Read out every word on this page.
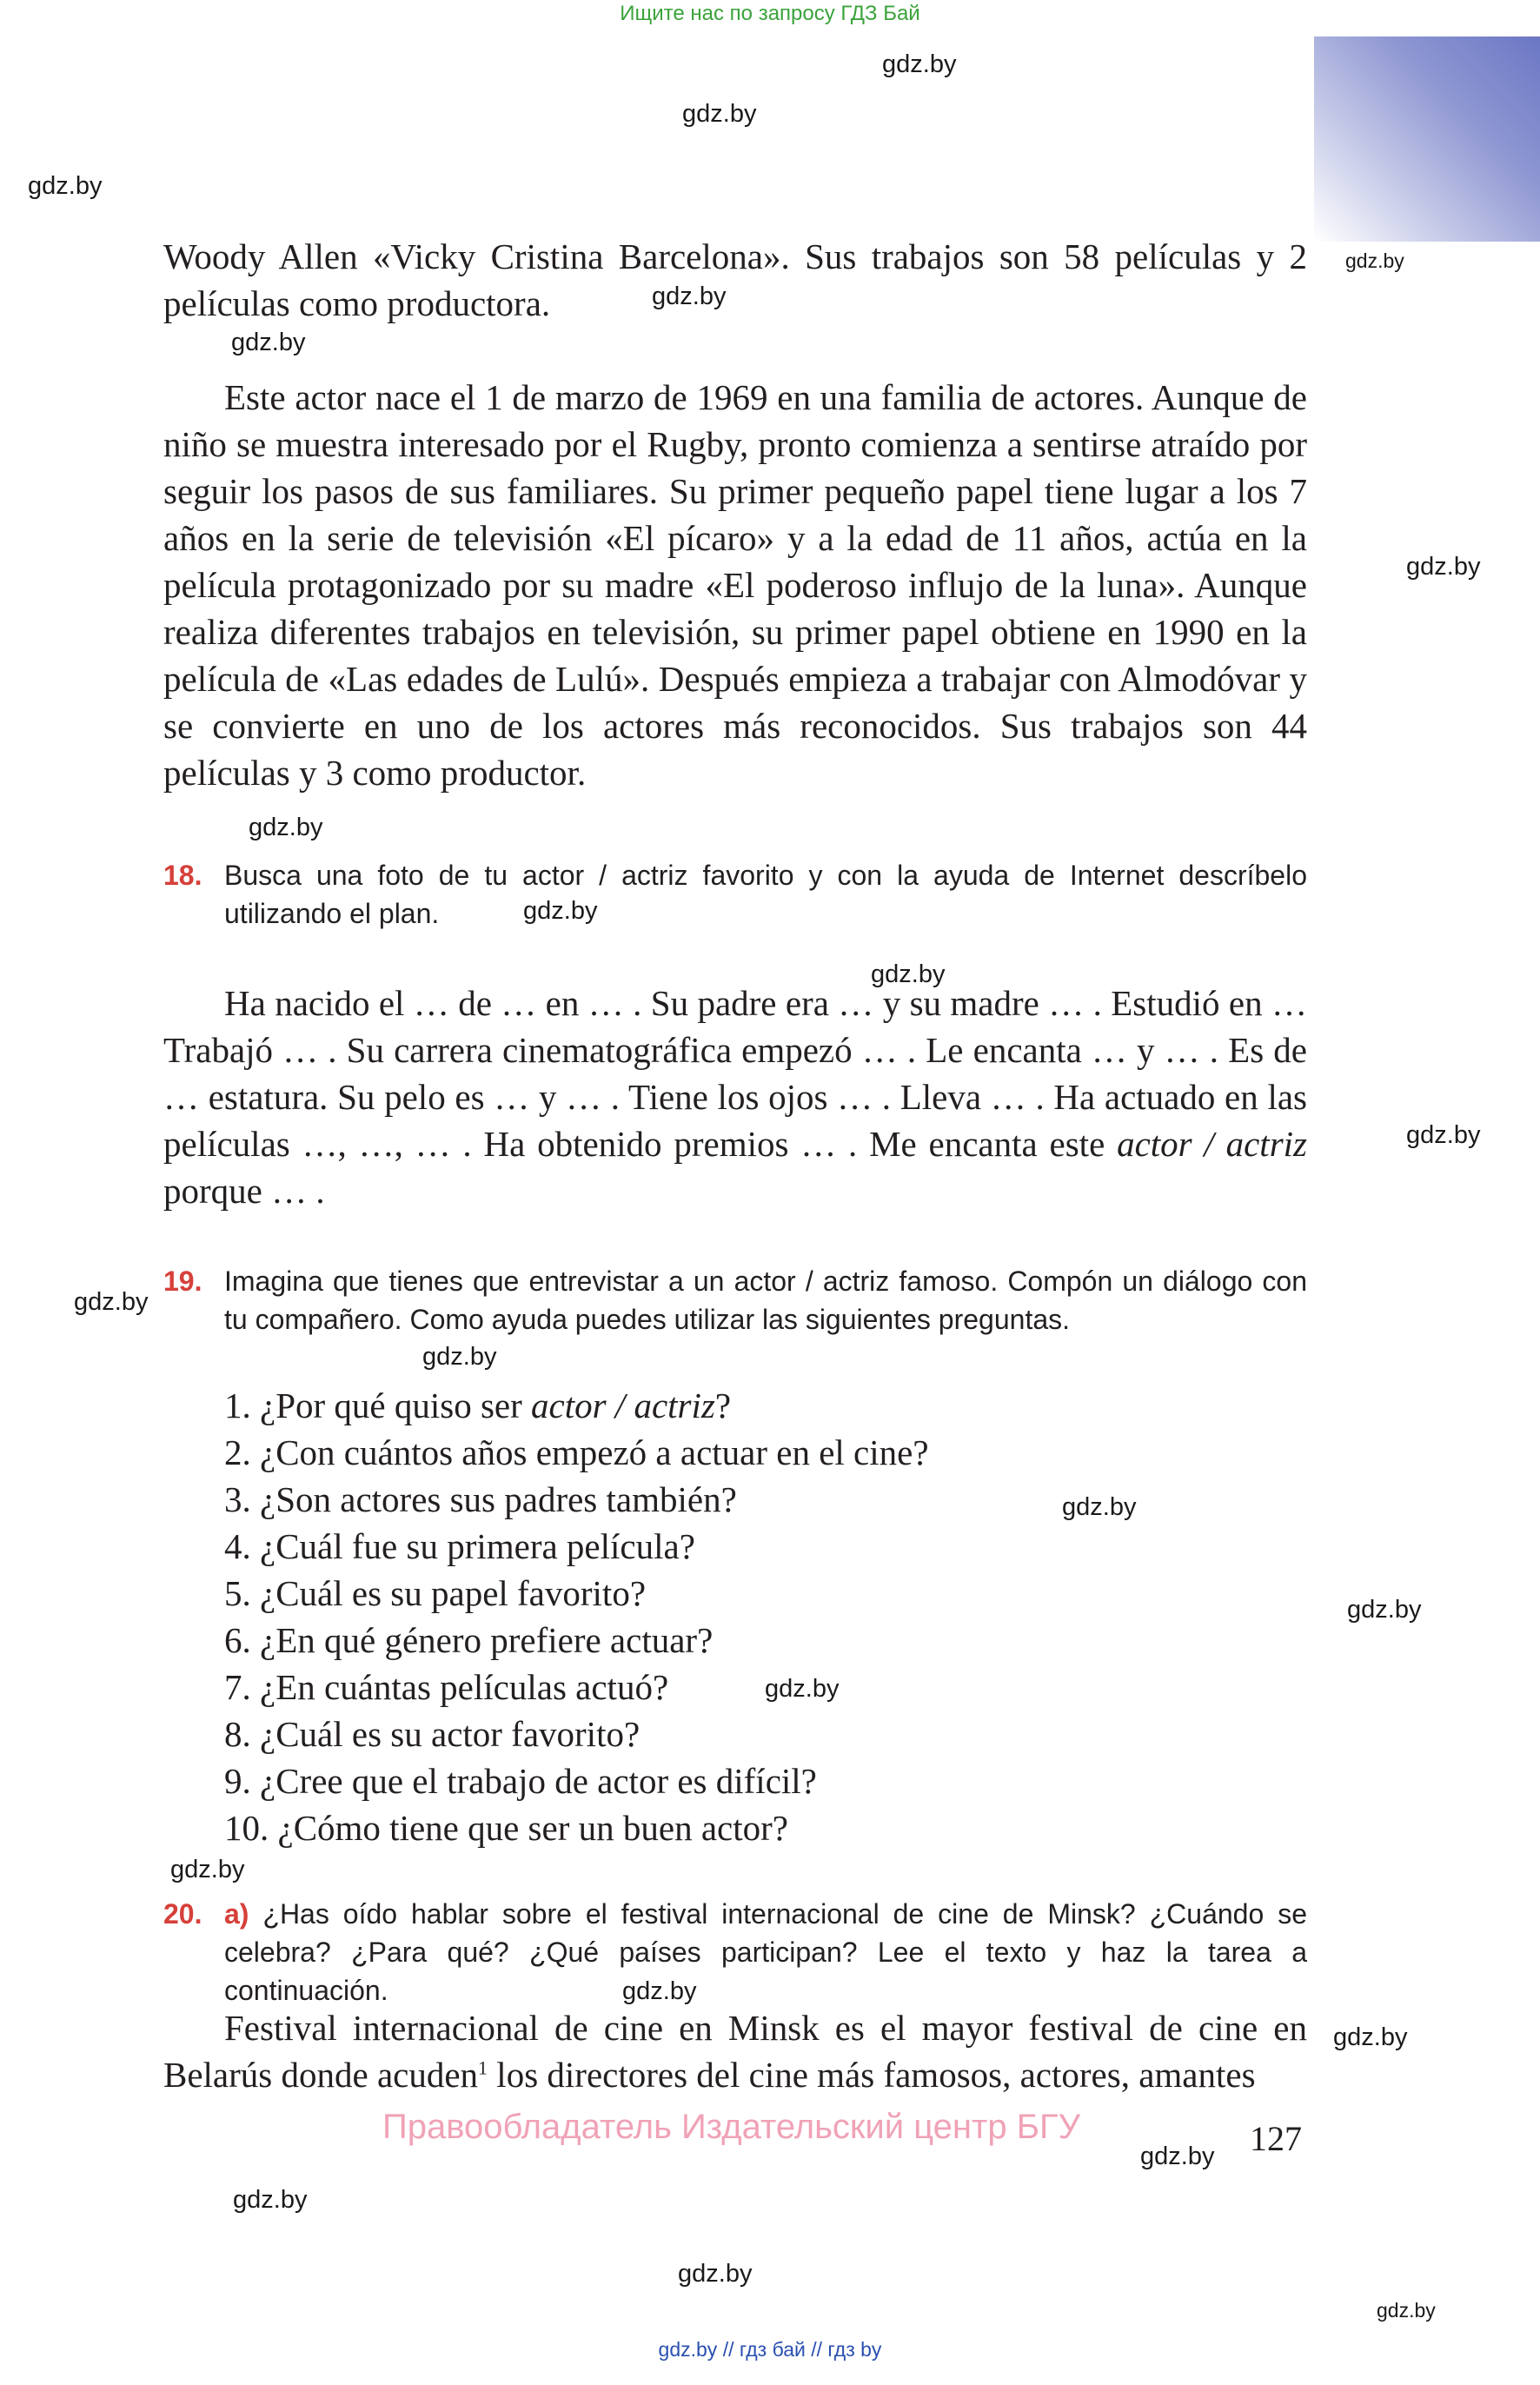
Ищите нас по запросу ГДЗ Бай
gdz.by
gdz.by
gdz.by
gdz.by
gdz.by
gdz.by
gdz.by
gdz.by
gdz.by
gdz.by
gdz.by
gdz.by
gdz.by
gdz.by
gdz.by
gdz.by
gdz.by
gdz.by
gdz.by
gdz.by
gdz.by
gdz.by
gdz.by

Woody Allen «Vicky Cristina Barcelona». Sus trabajos son 58 películas y 2 películas como productora.

Este actor nace el 1 de marzo de 1969 en una familia de actores. Aunque de niño se muestra interesado por el Rugby, pronto comienza a sentirse atraído por seguir los pasos de sus familiares. Su primer pequeño papel tiene lugar a los 7 años en la serie de televisión «El pícaro» y a la edad de 11 años, actúa en la película protagonizado por su madre «El poderoso influjo de la luna». Aunque realiza diferentes trabajos en televisión, su primer papel obtiene en 1990 en la película de «Las edades de Lulú». Después empieza a trabajar con Almodóvar y se convierte en uno de los actores más reconocidos. Sus trabajos son 44 películas y 3 como productor.

18. Busca una foto de tu actor / actriz favorito y con la ayuda de Internet descríbelo utilizando el plan.

Ha nacido el … de … en … . Su padre era … y su madre … . Estudió en … Trabajó … . Su carrera cinematográfica empezó … . Le encanta … y … . Es de … estatura. Su pelo es … y … . Tiene los ojos … . Lleva … . Ha actuado en las películas …, …, … . Ha obtenido premios … . Me encanta este actor / actriz porque … .

19. Imagina que tienes que entrevistar a un actor / actriz famoso. Compón un diálogo con tu compañero. Como ayuda puedes utilizar las siguientes preguntas.
1. ¿Por qué quiso ser actor / actriz?
2. ¿Con cuántos años empezó a actuar en el cine?
3. ¿Son actores sus padres también?
4. ¿Cuál fue su primera película?
5. ¿Cuál es su papel favorito?
6. ¿En qué género prefiere actuar?
7. ¿En cuántas películas actuó?
8. ¿Cuál es su actor favorito?
9. ¿Cree que el trabajo de actor es difícil?
10. ¿Cómo tiene que ser un buen actor?
20. a) ¿Has oído hablar sobre el festival internacional de cine de Minsk? ¿Cuándo se celebra? ¿Para qué? ¿Qué países participan? Lee el texto y haz la tarea a continuación.

Festival internacional de cine en Minsk es el mayor festival de cine en Belarús donde acuden$^1$ los directores del cine más famosos, actores, amantes

Правообладатель Издательский центр БГУ	127
gdz.by // гдз бай // гдз by
